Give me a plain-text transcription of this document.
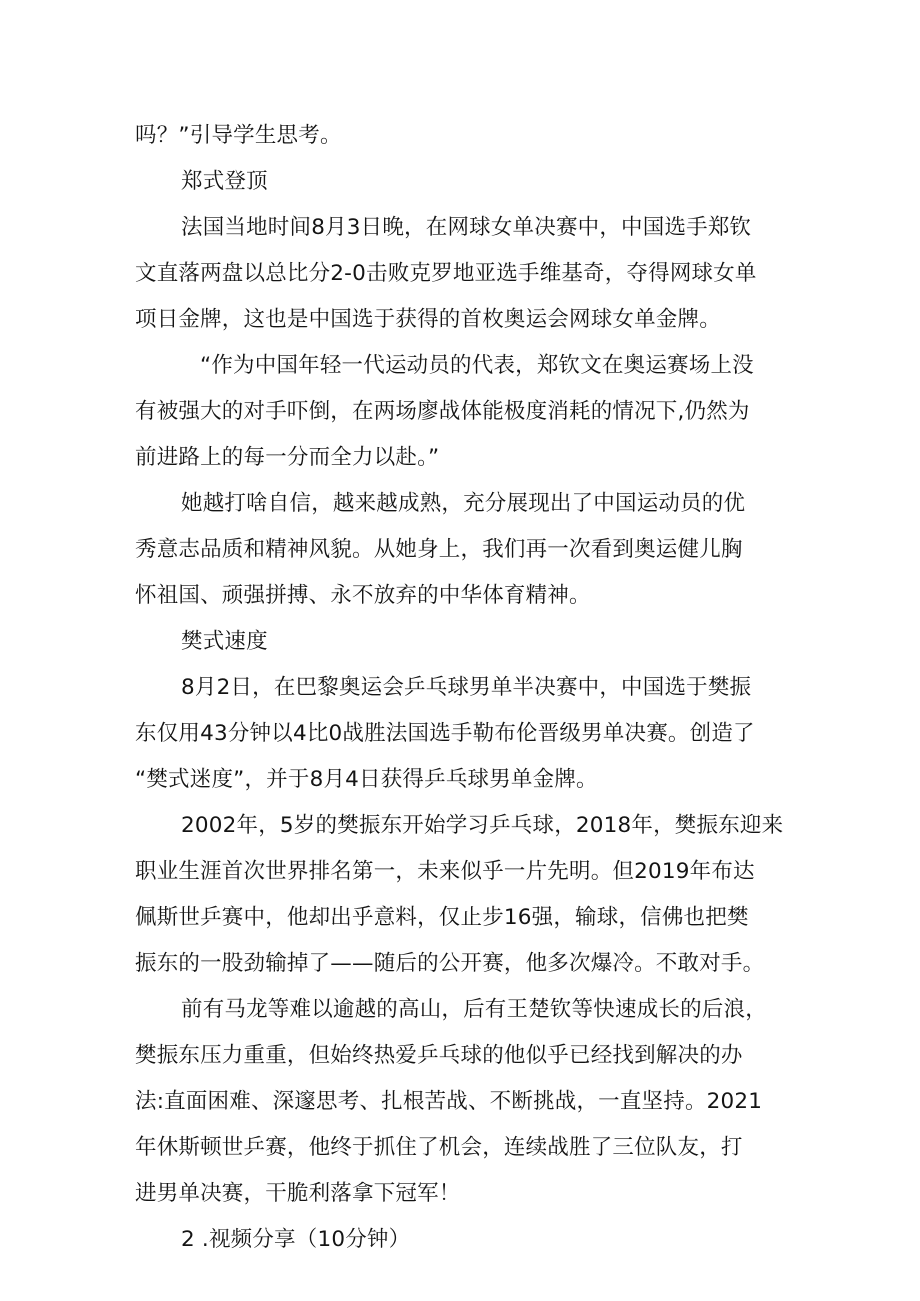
吗？”引导学生思考。
郑式登顶
法国当地时间8月3日晚，在网球女单决赛中，中国选手郑钦
文直落两盘以总比分2-0击败克罗地亚选手维基奇，夺得网球女单
项日金牌，这也是中国选于获得的首枚奥运会网球女单金牌。
“作为中国年轻一代运动员的代表，郑钦文在奥运赛场上没
有被强大的对手吓倒，在两场廖战体能极度消耗的情况下,仍然为
前进路上的每一分而全力以赴。”
她越打啥自信，越来越成熟，充分展现出了中国运动员的优
秀意志品质和精神风貌。从她身上，我们再一次看到奥运健儿胸
怀祖国、顽强拼搏、永不放弃的中华体育精神。
樊式速度
8月2日，在巴黎奥运会乒乓球男单半决赛中，中国选于樊振
东仅用43分钟以4比0战胜法国选手勒布伦晋级男单决赛。创造了
“樊式迷度”，并于8月4日获得乒乓球男单金牌。
2002年，5岁的樊振东开始学习乒乓球，2018年，樊振东迎来
职业生涯首次世界排名第一，未来似乎一片先明。但2019年布达
佩斯世乒赛中，他却出乎意料，仅止步16强，输球，信佛也把樊
振东的一股劲输掉了——随后的公开赛，他多次爆冷。不敢对手。
前有马龙等难以逾越的高山，后有王楚钦等快速成长的后浪，
樊振东压力重重，但始终热爱乒乓球的他似乎已经找到解决的办
法:直面困难、深邃思考、扎根苦战、不断挑战，一直坚持。2021
年休斯顿世乒赛，他终于抓住了机会，连续战胜了三位队友，打
进男单决赛，干脆利落拿下冠军！
2 .视频分享（10分钟）
